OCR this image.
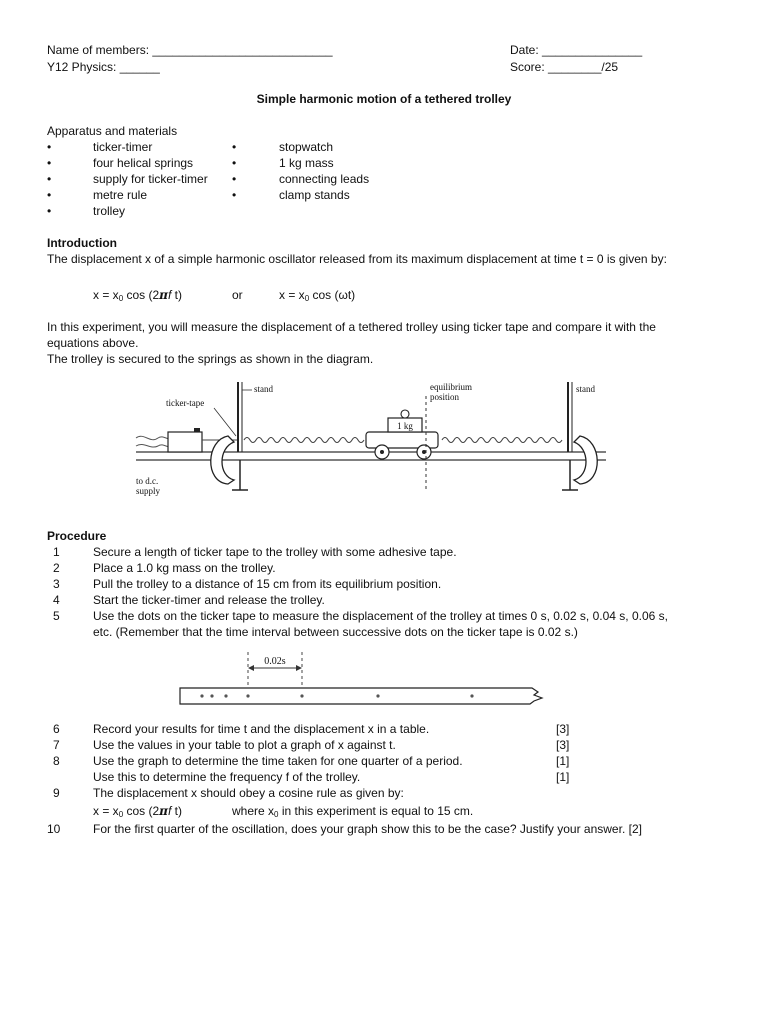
Name of members: ___________________________
Y12 Physics: ______
Date: _______________
Score: ________/25
Simple harmonic motion of a tethered trolley
Apparatus and materials
•	ticker-timer
•	four helical springs
•	supply for ticker-timer
•	metre rule
•	trolley
•	stopwatch
•	1 kg mass
•	connecting leads
•	clamp stands
Introduction
The displacement x of a simple harmonic oscillator released from its maximum displacement at time t = 0 is given by:
$x = x_0$ cos (2πf t)	or	$x = x_0$ cos (ωt)
In this experiment, you will measure the displacement of a tethered trolley using ticker tape and compare it with the
equations above.
The trolley is secured to the springs as shown in the diagram.
1 kg
stand	stand
ticker-tape
equilibrium
position
to d.c.
supply
Procedure
1	Secure a length of ticker tape to the trolley with some adhesive tape.
2	Place a 1.0 kg mass on the trolley.
3	Pull the trolley to a distance of 15 cm from its equilibrium position.
4	Start the ticker-timer and release the trolley.
5	Use the dots on the ticker tape to measure the displacement of the trolley at times 0 s, 0.02 s, 0.04 s, 0.06 s,
etc. (Remember that the time interval between successive dots on the ticker tape is 0.02 s.)
0.02s
6	Record your results for time t and the displacement x in a table.	[3]
7	Use the values in your table to plot a graph of x against t.	[3]
8	Use the graph to determine the time taken for one quarter of a period.	[1]
Use this to determine the frequency f of the trolley.	[1]
9	The displacement x should obey a cosine rule as given by:
$x = x_0$ cos (2πf t)	where $x_0$ in this experiment is equal to 15 cm.
10	For the first quarter of the oscillation, does your graph show this to be the case? Justify your answer. [2]
